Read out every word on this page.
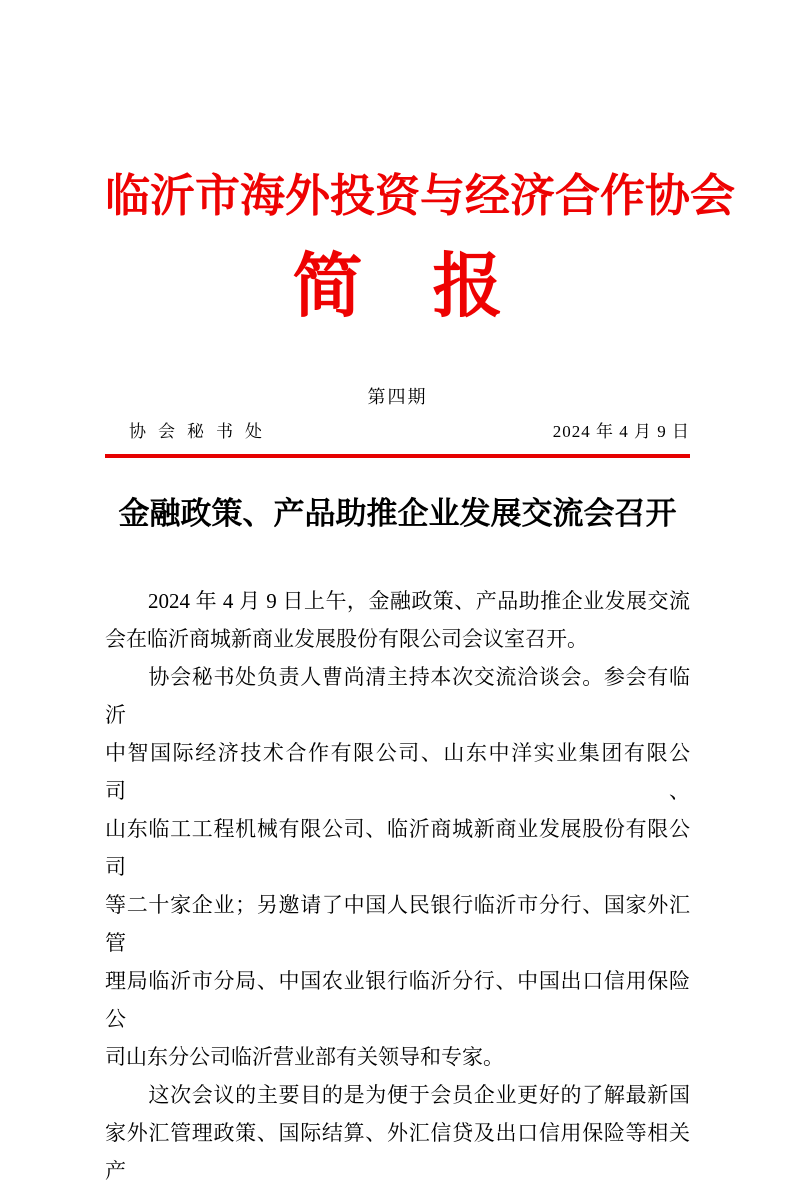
临沂市海外投资与经济合作协会
简　报
第四期
协会秘书处	2024 年 4 月 9 日
金融政策、产品助推企业发展交流会召开
　　2024 年 4 月 9 日上午，金融政策、产品助推企业发展交流
会在临沂商城新商业发展股份有限公司会议室召开。
　　协会秘书处负责人曹尚清主持本次交流洽谈会。参会有临沂
中智国际经济技术合作有限公司、山东中洋实业集团有限公司、
山东临工工程机械有限公司、临沂商城新商业发展股份有限公司
等二十家企业；另邀请了中国人民银行临沂市分行、国家外汇管
理局临沂市分局、中国农业银行临沂分行、中国出口信用保险公
司山东分公司临沂营业部有关领导和专家。
　　这次会议的主要目的是为便于会员企业更好的了解最新国
家外汇管理政策、国际结算、外汇信贷及出口信用保险等相关产
